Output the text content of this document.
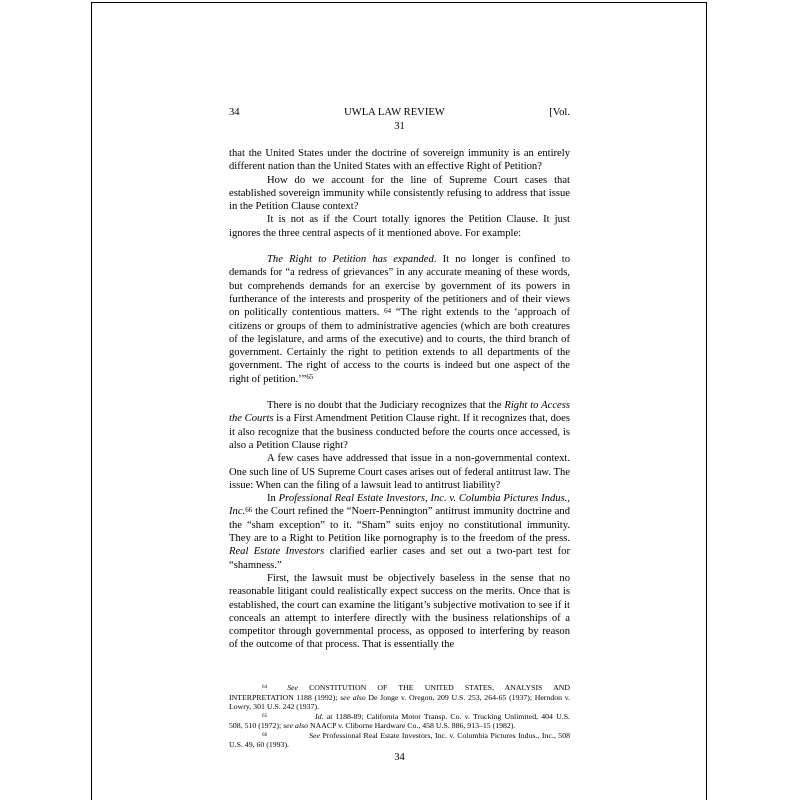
34	UWLA LAW REVIEW	[Vol.
31

that the United States under the doctrine of sovereign immunity is an entirely different nation than the United States with an effective Right of Petition?

How do we account for the line of Supreme Court cases that established sovereign immunity while consistently refusing to address that issue in the Petition Clause context?

It is not as if the Court totally ignores the Petition Clause. It just ignores the three central aspects of it mentioned above. For example:

The Right to Petition has expanded. It no longer is confined to demands for “a redress of grievances” in any accurate meaning of these words, but comprehends demands for an exercise by government of its powers in furtherance of the interests and prosperity of the petitioners and of their views on politically contentious matters. $^{64}$ “The right extends to the ‘approach of citizens or groups of them to administrative agencies (which are both creatures of the legislature, and arms of the executive) and to courts, the third branch of government. Certainly the right to petition extends to all departments of the government. The right of access to the courts is indeed but one aspect of the right of petition.’”$^{65}$

There is no doubt that the Judiciary recognizes that the Right to Access the Courts is a First Amendment Petition Clause right. If it recognizes that, does it also recognize that the business conducted before the courts once accessed, is also a Petition Clause right?

A few cases have addressed that issue in a non-governmental context. One such line of US Supreme Court cases arises out of federal antitrust law. The issue: When can the filing of a lawsuit lead to antitrust liability?

In Professional Real Estate Investors, Inc. v. Columbia Pictures Indus., Inc.$^{66}$ the Court refined the “Noerr-Pennington” antitrust immunity doctrine and the “sham exception” to it. “Sham” suits enjoy no constitutional immunity. They are to a Right to Petition like pornography is to the freedom of the press. Real Estate Investors clarified earlier cases and set out a two-part test for “shamness.”

First, the lawsuit must be objectively baseless in the sense that no reasonable litigant could realistically expect success on the merits. Once that is established, the court can examine the litigant’s subjective motivation to see if it conceals an attempt to interfere directly with the business relationships of a competitor through governmental process, as opposed to interfering by reason of the outcome of that process. That is essentially the

$^{64}$	See CONSTITUTION OF THE UNITED STATES, ANALYSIS AND INTERPRETATION 1188 (1992); see also De Jonge v. Oregon, 209 U.S. 253, 264-65 (1937); Herndon v. Lowry, 301 U.S. 242 (1937).

$^{65}$	Id. at 1188-89; California Motor Transp. Co. v. Trucking Unlimited, 404 U.S. 508, 510 (1972); see also NAACP v. Cliborne Hardware Co., 458 U.S. 886, 913–15 (1982).

$^{66}$	See Professional Real Estate Investors, Inc. v. Columbia Pictures Indus., Inc., 508 U.S. 49, 60 (1993).

34
